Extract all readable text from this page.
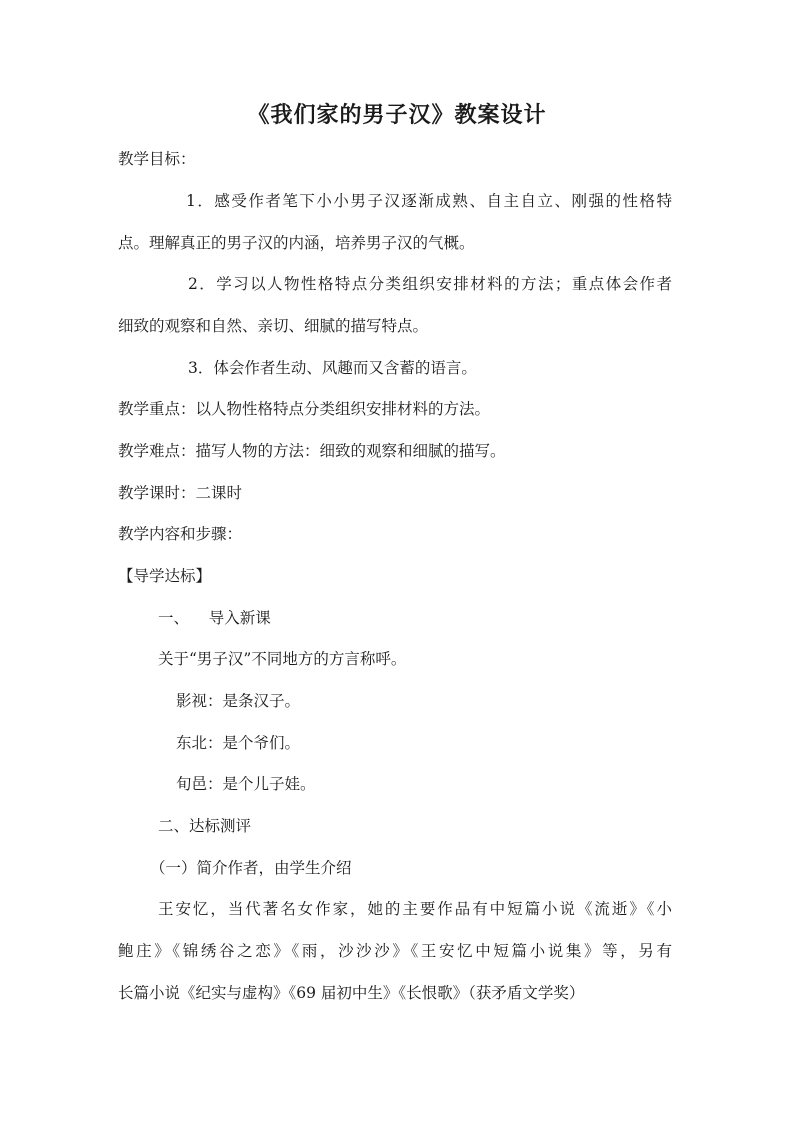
《我们家的男子汉》教案设计
教学目标：
1．感受作者笔下小小男子汉逐渐成熟、自主自立、刚强的性格特
点。理解真正的男子汉的内涵，培养男子汉的气概。
2．学习以人物性格特点分类组织安排材料的方法；重点体会作者
细致的观察和自然、亲切、细腻的描写特点。
3．体会作者生动、风趣而又含蓄的语言。
教学重点：以人物性格特点分类组织安排材料的方法。
教学难点：描写人物的方法：细致的观察和细腻的描写。
教学课时：二课时
教学内容和步骤：
【导学达标】
一、    导入新课
关于“男子汉”不同地方的方言称呼。
影视：是条汉子。
东北：是个爷们。
旬邑：是个儿子娃。
二、达标测评
（一）简介作者，由学生介绍
王安忆，当代著名女作家，她的主要作品有中短篇小说《流逝》《小
鲍庄》《锦绣谷之恋》《雨，沙沙沙》《王安忆中短篇小说集》等，另有
长篇小说《纪实与虚构》《69 届初中生》《长恨歌》（获矛盾文学奖）
